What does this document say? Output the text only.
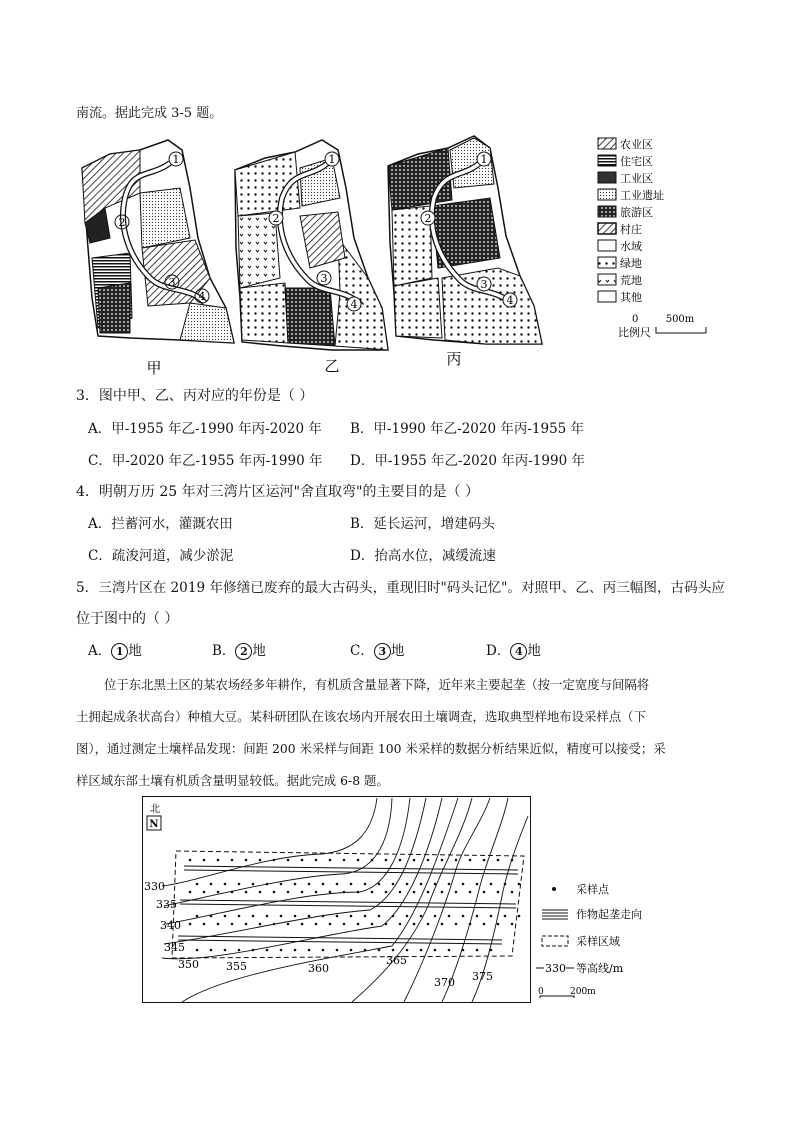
南流。据此完成 3-5 题。
1
2
3
4
甲
1
2
3
4
乙
1
2
3
4
丙
农业区
住宅区
工业区
工业遗址
旅游区
村庄
水域
绿地
荒地
其他
0	500m
比例尺
3．图中甲、乙、丙对应的年份是（ ）
A．甲-1955 年乙-1990 年丙-2020 年 B．甲-1990 年乙-2020 年丙-1955 年
C．甲-2020 年乙-1955 年丙-1990 年 D．甲-1955 年乙-2020 年丙-1990 年
4．明朝万历 25 年对三湾片区运河"舍直取弯"的主要目的是（ ）
A．拦蓄河水，灌溉农田	B．延长运河，增建码头
C．疏浚河道，减少淤泥	D．抬高水位，减缓流速
5．三湾片区在 2019 年修缮已废弃的最大古码头，重现旧时"码头记忆"。对照甲、乙、丙三幅图，古码头应
位于图中的（ ）
A． 1 地	B． 2 地	C． 3 地	D． 4 地
位于东北黑土区的某农场经多年耕作，有机质含量显著下降，近年来主要起垄（按一定宽度与间隔将
土拥起成条状高台）种植大豆。某科研团队在该农场内开展农田土壤调查，选取典型样地布设采样点（下
图），通过测定土壤样品发现：间距 200 米采样与间距 100 米采样的数据分析结果近似，精度可以接受；采
样区域东部土壤有机质含量明显较低。据此完成 6-8 题。
北
N
330
335
340
345
350 355	360
365
370 375
采样点
作物起垄走向
采样区域
330 等高线/m
0	200m
